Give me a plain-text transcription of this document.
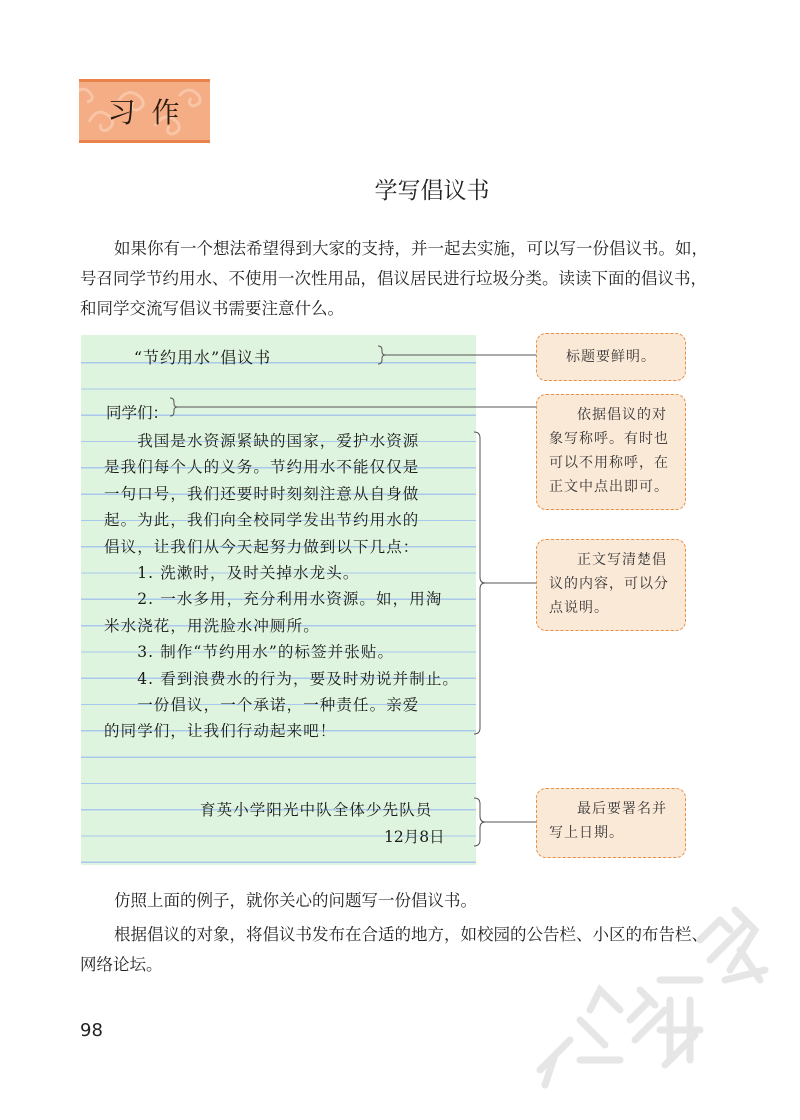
习作
学写倡议书
如果你有一个想法希望得到大家的支持，并一起去实施，可以写一份倡议书。如，号召同学节约用水、不使用一次性用品，倡议居民进行垃圾分类。读读下面的倡议书，和同学交流写倡议书需要注意什么。
“节约用水”倡议书
同学们：
　　我国是水资源紧缺的国家，爱护水资源
是我们每个人的义务。节约用水不能仅仅是
一句口号，我们还要时时刻刻注意从自身做
起。为此，我们向全校同学发出节约用水的
倡议，让我们从今天起努力做到以下几点：
　　1. 洗漱时，及时关掉水龙头。
　　2. 一水多用，充分利用水资源。如，用淘
米水浇花，用洗脸水冲厕所。
　　3. 制作“节约用水”的标签并张贴。
　　4. 看到浪费水的行为，要及时劝说并制止。
　　一份倡议，一个承诺，一种责任。亲爱
的同学们，让我们行动起来吧！
育英小学阳光中队全体少先队员
12月8日
标题要鲜明。
依据倡议的对象写称呼。有时也可以不用称呼，在正文中点出即可。
正文写清楚倡议的内容，可以分点说明。
最后要署名并写上日期。
仿照上面的例子，就你关心的问题写一份倡议书。
根据倡议的对象，将倡议书发布在合适的地方，如校园的公告栏、小区的布告栏、网络论坛。
98
